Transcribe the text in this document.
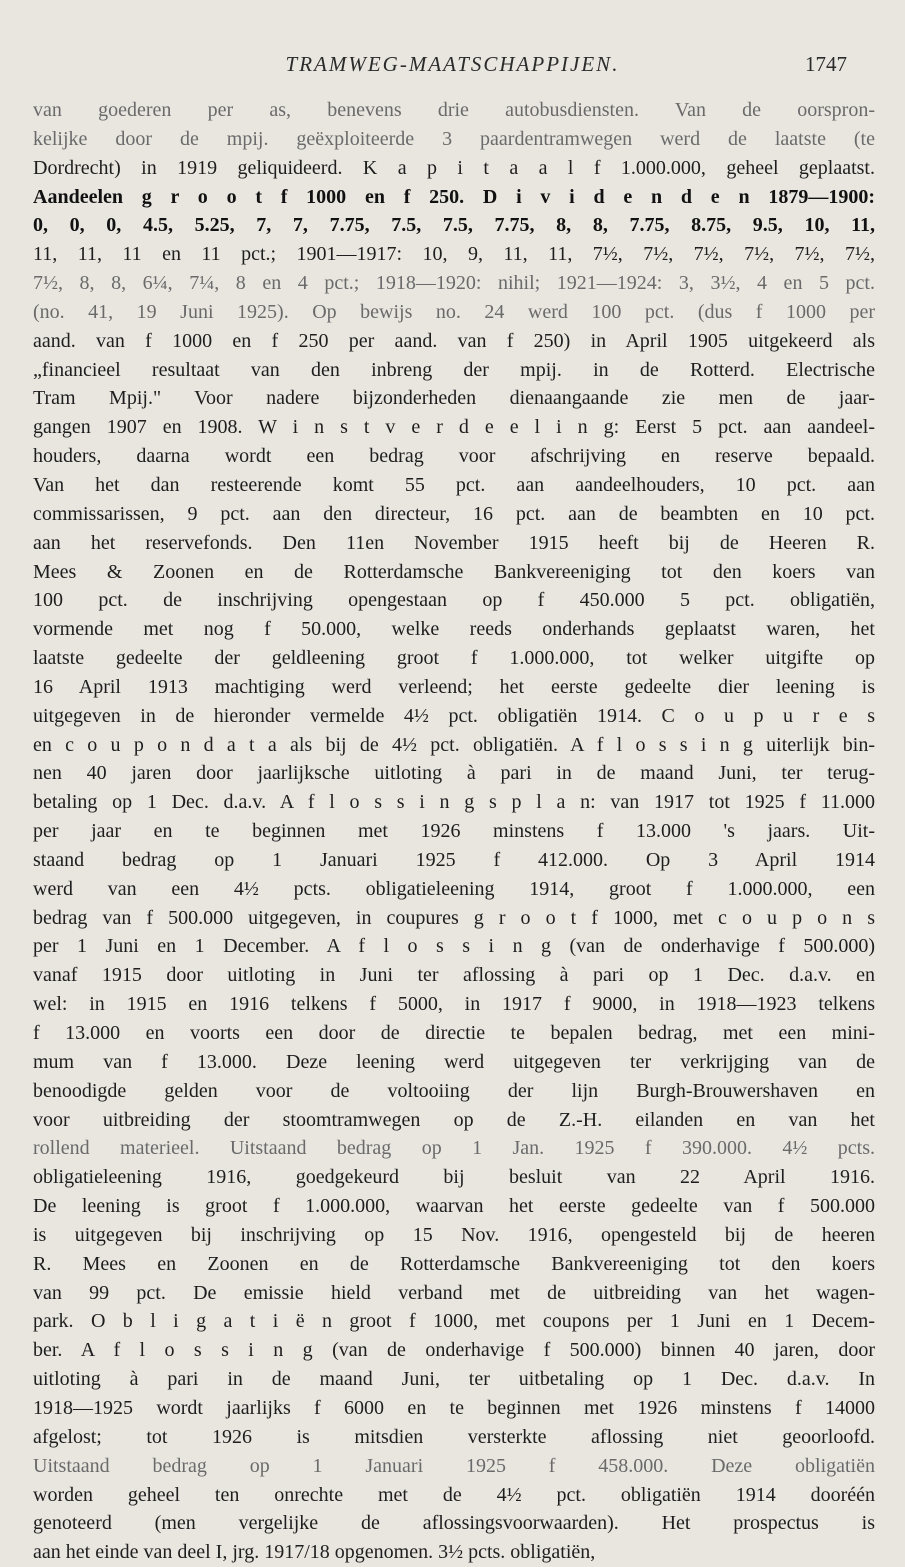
TRAMWEG-MAATSCHAPPIJEN.	1747
van goederen per as, benevens drie autobusdiensten. Van de oorspron-
kelijke door de mpij. geëxploiteerde 3 paardentramwegen werd de laatste (te
Dordrecht) in 1919 geliquideerd. K a p i t a a l f 1.000.000, geheel geplaatst.
Aandeelen g r o o t f 1000 en f 250. D i v i d e n d e n 1879—1900:
0, 0, 0, 4.5, 5.25, 7, 7, 7.75, 7.5, 7.5, 7.75, 8, 8, 7.75, 8.75, 9.5, 10, 11,
11, 11, 11 en 11 pct.; 1901—1917: 10, 9, 11, 11, 7½, 7½, 7½, 7½, 7½, 7½,
7½, 8, 8, 6¼, 7¼, 8 en 4 pct.; 1918—1920: nihil; 1921—1924: 3, 3½, 4 en 5 pct.
(no. 41, 19 Juni 1925). Op bewijs no. 24 werd 100 pct. (dus f 1000 per
aand. van f 1000 en f 250 per aand. van f 250) in April 1905 uitgekeerd als
„financieel resultaat van den inbreng der mpij. in de Rotterd. Electrische
Tram Mpij." Voor nadere bijzonderheden dienaangaande zie men de jaar-
gangen 1907 en 1908. W i n s t v e r d e e l i n g: Eerst 5 pct. aan aandeel-
houders, daarna wordt een bedrag voor afschrijving en reserve bepaald.
Van het dan resteerende komt 55 pct. aan aandeelhouders, 10 pct. aan
commissarissen, 9 pct. aan den directeur, 16 pct. aan de beambten en 10 pct.
aan het reservefonds. Den 11en November 1915 heeft bij de Heeren R.
Mees & Zoonen en de Rotterdamsche Bankvereeniging tot den koers van
100 pct. de inschrijving opengestaan op f 450.000 5 pct. obligatiën,
vormende met nog f 50.000, welke reeds onderhands geplaatst waren, het
laatste gedeelte der geldleening groot f 1.000.000, tot welker uitgifte op
16 April 1913 machtiging werd verleend; het eerste gedeelte dier leening is
uitgegeven in de hieronder vermelde 4½ pct. obligatiën 1914. C o u p u r e s
en c o u p o n d a t a als bij de 4½ pct. obligatiën. A f l o s s i n g uiterlijk bin-
nen 40 jaren door jaarlijksche uitloting à pari in de maand Juni, ter terug-
betaling op 1 Dec. d.a.v. A f l o s s i n g s p l a n: van 1917 tot 1925 f 11.000
per jaar en te beginnen met 1926 minstens f 13.000 's jaars. Uit-
staand bedrag op 1 Januari 1925 f 412.000. Op 3 April 1914
werd van een 4½ pcts. obligatieleening 1914, groot f 1.000.000, een
bedrag van f 500.000 uitgegeven, in coupures g r o o t f 1000, met c o u p o n s
per 1 Juni en 1 December. A f l o s s i n g (van de onderhavige f 500.000)
vanaf 1915 door uitloting in Juni ter aflossing à pari op 1 Dec. d.a.v. en
wel: in 1915 en 1916 telkens f 5000, in 1917 f 9000, in 1918—1923 telkens
f 13.000 en voorts een door de directie te bepalen bedrag, met een mini-
mum van f 13.000. Deze leening werd uitgegeven ter verkrijging van de
benoodigde gelden voor de voltooiing der lijn Burgh-Brouwershaven en
voor uitbreiding der stoomtramwegen op de Z.-H. eilanden en van het
rollend materieel. Uitstaand bedrag op 1 Jan. 1925 f 390.000. 4½ pcts.
obligatieleening 1916, goedgekeurd bij besluit van 22 April 1916.
De leening is groot f 1.000.000, waarvan het eerste gedeelte van f 500.000
is uitgegeven bij inschrijving op 15 Nov. 1916, opengesteld bij de heeren
R. Mees en Zoonen en de Rotterdamsche Bankvereeniging tot den koers
van 99 pct. De emissie hield verband met de uitbreiding van het wagen-
park. O b l i g a t i ë n groot f 1000, met coupons per 1 Juni en 1 Decem-
ber. A f l o s s i n g (van de onderhavige f 500.000) binnen 40 jaren, door
uitloting à pari in de maand Juni, ter uitbetaling op 1 Dec. d.a.v. In
1918—1925 wordt jaarlijks f 6000 en te beginnen met 1926 minstens f 14000
afgelost; tot 1926 is mitsdien versterkte aflossing niet geoorloofd.
Uitstaand bedrag op 1 Januari 1925 f 458.000. Deze obligatiën
worden geheel ten onrechte met de 4½ pct. obligatiën 1914 dooréén
genoteerd (men vergelijke de aflossingsvoorwaarden). Het prospectus is
aan het einde van deel I, jrg. 1917/18 opgenomen. 3½ pcts. obligatiën,
